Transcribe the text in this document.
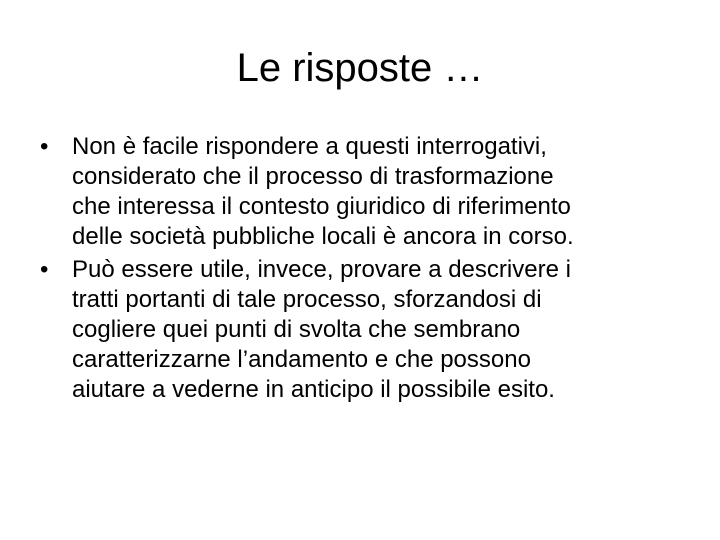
Le risposte …
• Non è facile rispondere a questi interrogativi,
considerato che il processo di trasformazione
che interessa il contesto giuridico di riferimento
delle società pubbliche locali è ancora in corso.
• Può essere utile, invece, provare a descrivere i
tratti portanti di tale processo, sforzandosi di
cogliere quei punti di svolta che sembrano
caratterizzarne l’andamento e che possono
aiutare a vederne in anticipo il possibile esito.
